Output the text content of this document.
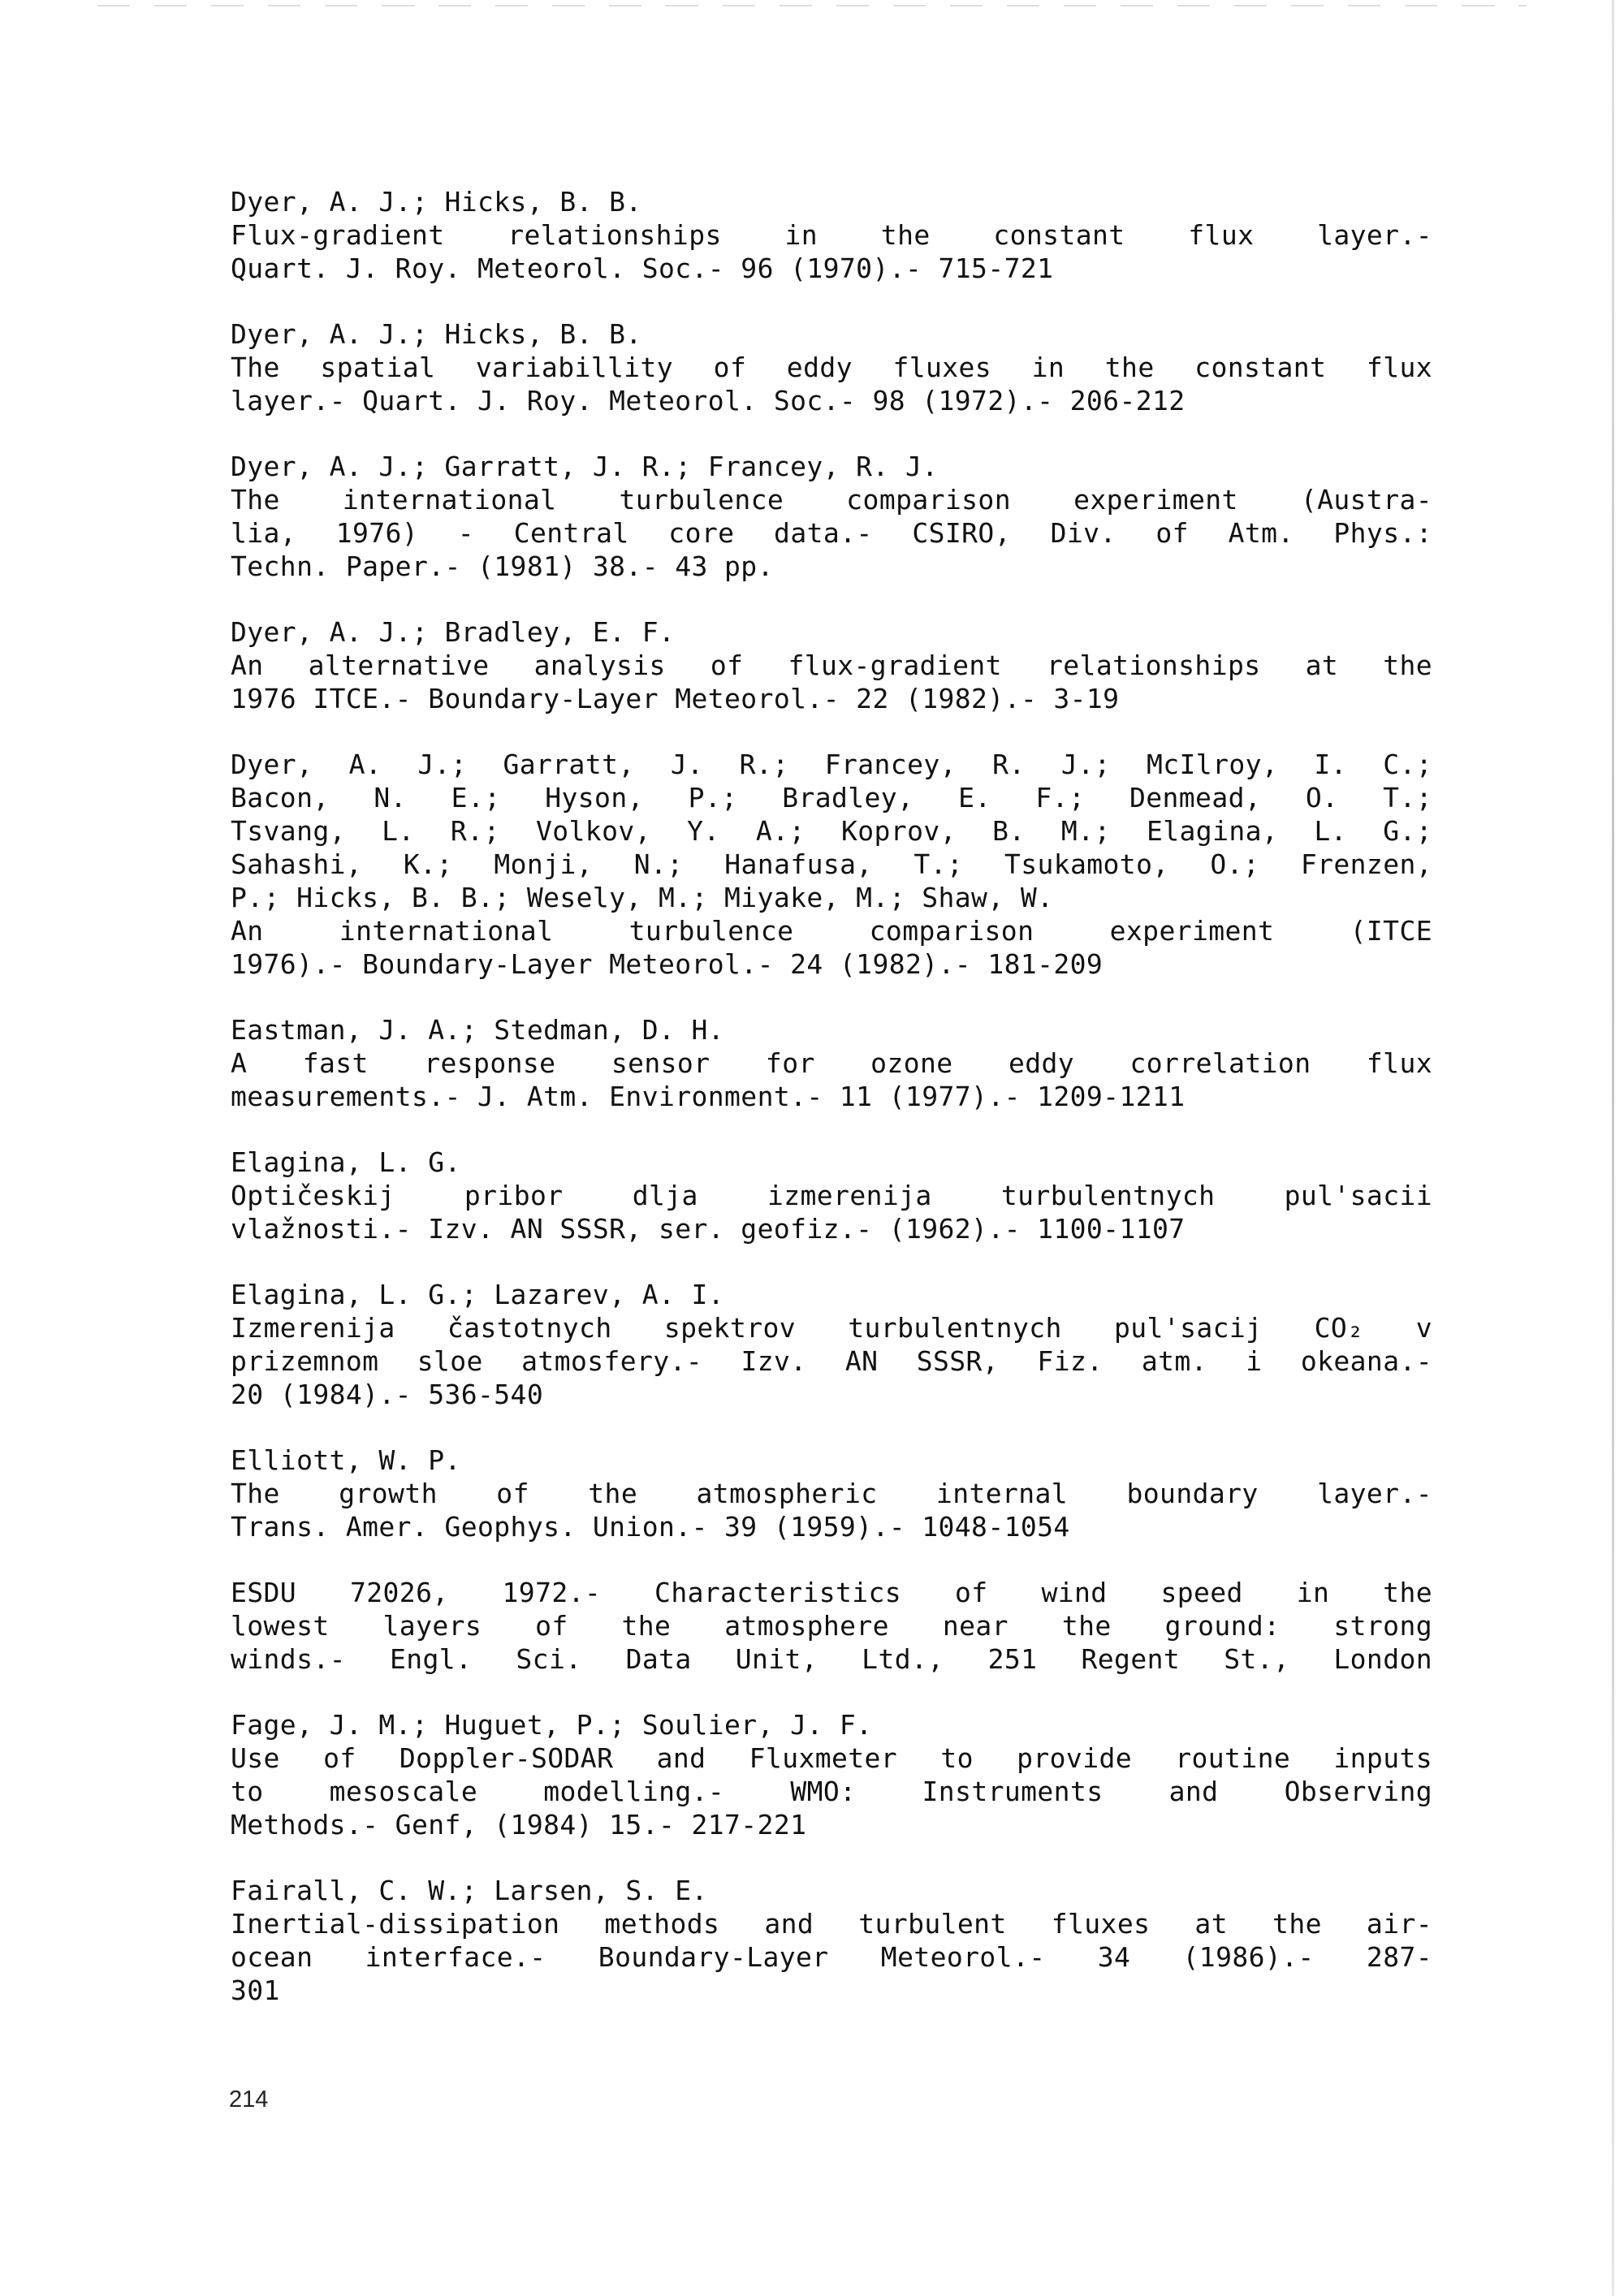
Dyer, A. J.; Hicks, B. B.
Flux-gradient relationships in the constant flux layer.-
Quart. J. Roy. Meteorol. Soc.- 96 (1970).- 715-721
Dyer, A. J.; Hicks, B. B.
The spatial variabillity of eddy fluxes in the constant flux
layer.- Quart. J. Roy. Meteorol. Soc.- 98 (1972).- 206-212
Dyer, A. J.; Garratt, J. R.; Francey, R. J.
The international turbulence comparison experiment (Austra-
lia, 1976) - Central core data.- CSIRO, Div. of Atm. Phys.:
Techn. Paper.- (1981) 38.- 43 pp.
Dyer, A. J.; Bradley, E. F.
An alternative analysis of flux-gradient relationships at the
1976 ITCE.- Boundary-Layer Meteorol.- 22 (1982).- 3-19
Dyer, A. J.; Garratt, J. R.; Francey, R. J.; McIlroy, I. C.;
Bacon, N. E.; Hyson, P.; Bradley, E. F.; Denmead, O. T.;
Tsvang, L. R.; Volkov, Y. A.; Koprov, B. M.; Elagina, L. G.;
Sahashi, K.; Monji, N.; Hanafusa, T.; Tsukamoto, O.; Frenzen,
P.; Hicks, B. B.; Wesely, M.; Miyake, M.; Shaw, W.
An international turbulence comparison experiment (ITCE
1976).- Boundary-Layer Meteorol.- 24 (1982).- 181-209
Eastman, J. A.; Stedman, D. H.
A fast response sensor for ozone eddy correlation flux
measurements.- J. Atm. Environment.- 11 (1977).- 1209-1211
Elagina, L. G.
Optičeskij pribor dlja izmerenija turbulentnych pul'sacii
vlažnosti.- Izv. AN SSSR, ser. geofiz.- (1962).- 1100-1107
Elagina, L. G.; Lazarev, A. I.
Izmerenija častotnych spektrov turbulentnych pul'sacij CO₂ v
prizemnom sloe atmosfery.- Izv. AN SSSR, Fiz. atm. i okeana.-
20 (1984).- 536-540
Elliott, W. P.
The growth of the atmospheric internal boundary layer.-
Trans. Amer. Geophys. Union.- 39 (1959).- 1048-1054
ESDU 72026, 1972.- Characteristics of wind speed in the
lowest layers of the atmosphere near the ground: strong
winds.- Engl. Sci. Data Unit, Ltd., 251 Regent St., London
Fage, J. M.; Huguet, P.; Soulier, J. F.
Use of Doppler-SODAR and Fluxmeter to provide routine inputs
to mesoscale modelling.- WMO: Instruments and Observing
Methods.- Genf, (1984) 15.- 217-221
Fairall, C. W.; Larsen, S. E.
Inertial-dissipation methods and turbulent fluxes at the air-
ocean interface.- Boundary-Layer Meteorol.- 34 (1986).- 287-
301
214
